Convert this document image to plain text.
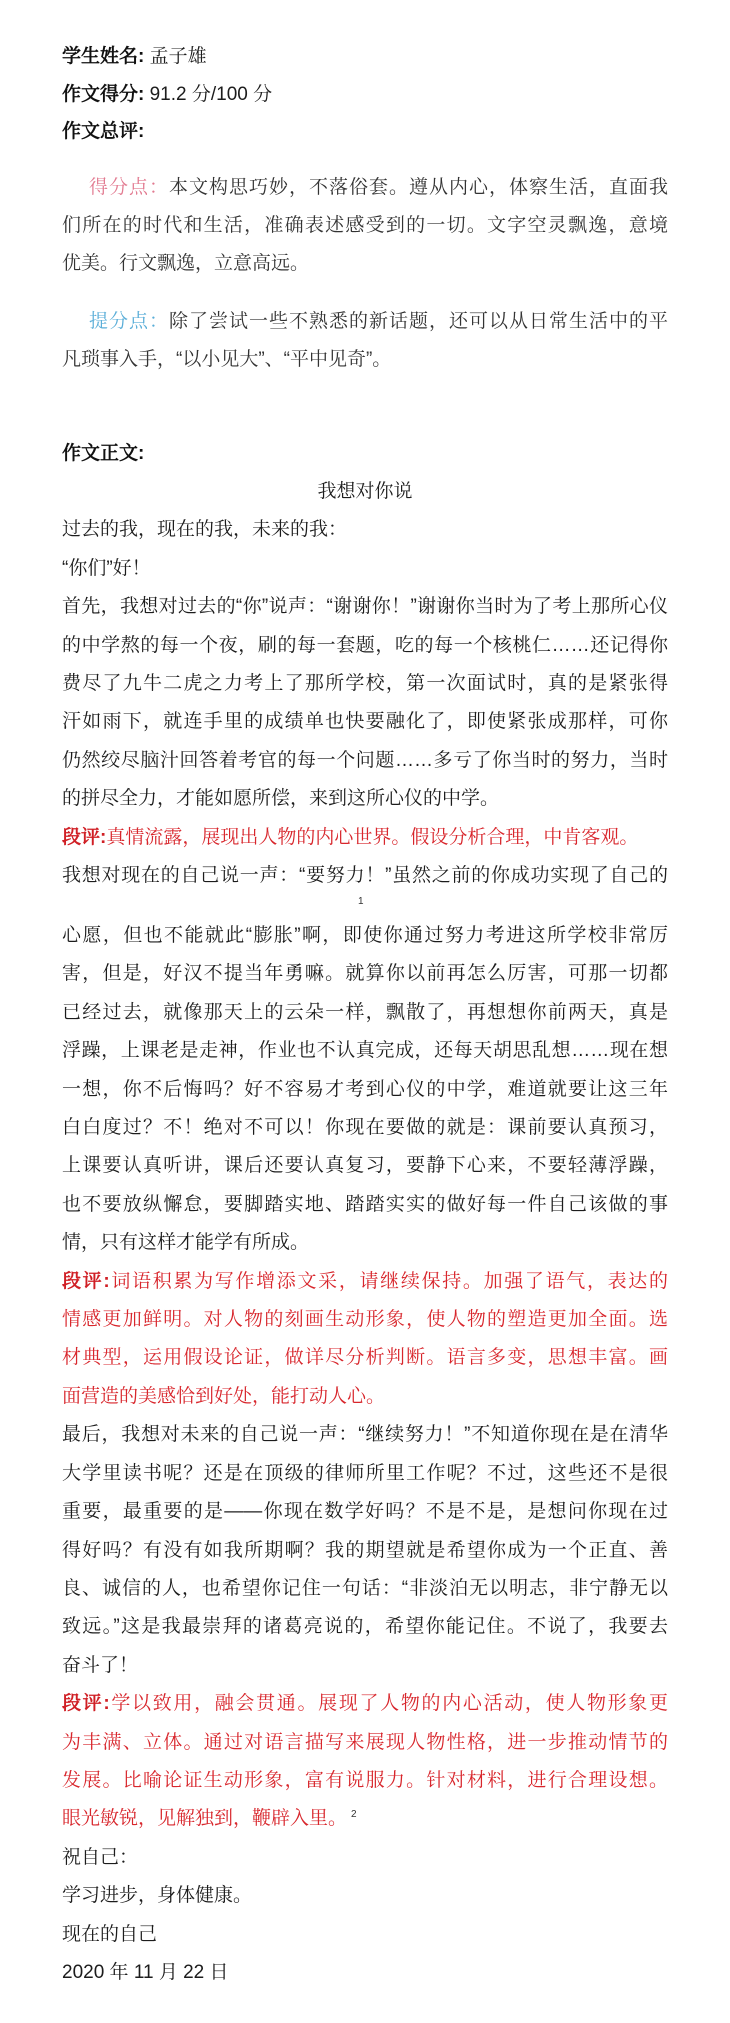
学生姓名: 孟子雄
作文得分: 91.2 分/100 分
作文总评:
得分点：本文构思巧妙，不落俗套。遵从内心，体察生活，直面我
们所在的时代和生活，准确表述感受到的一切。文字空灵飘逸，意境
优美。行文飘逸，立意高远。
提分点：除了尝试一些不熟悉的新话题，还可以从日常生活中的平
凡琐事入手，“以小见大”、“平中见奇”。
作文正文:
我想对你说
过去的我，现在的我，未来的我：
“你们”好！
首先，我想对过去的“你”说声：“谢谢你！”谢谢你当时为了考上那所心仪
的中学熬的每一个夜，刷的每一套题，吃的每一个核桃仁……还记得你
费尽了九牛二虎之力考上了那所学校，第一次面试时，真的是紧张得
汗如雨下，就连手里的成绩单也快要融化了，即使紧张成那样，可你
仍然绞尽脑汁回答着考官的每一个问题……多亏了你当时的努力，当时
的拼尽全力，才能如愿所偿，来到这所心仪的中学。
段评:真情流露，展现出人物的内心世界。假设分析合理，中肯客观。
我想对现在的自己说一声：“要努力！”虽然之前的你成功实现了自己的
1
心愿，但也不能就此“膨胀”啊，即使你通过努力考进这所学校非常厉
害，但是，好汉不提当年勇嘛。就算你以前再怎么厉害，可那一切都
已经过去，就像那天上的云朵一样，飘散了，再想想你前两天，真是
浮躁，上课老是走神，作业也不认真完成，还每天胡思乱想……现在想
一想，你不后悔吗？好不容易才考到心仪的中学，难道就要让这三年
白白度过？不！绝对不可以！你现在要做的就是：课前要认真预习，
上课要认真听讲，课后还要认真复习，要静下心来，不要轻薄浮躁，
也不要放纵懈怠，要脚踏实地、踏踏实实的做好每一件自己该做的事
情，只有这样才能学有所成。
段评:词语积累为写作增添文采，请继续保持。加强了语气，表达的
情感更加鲜明。对人物的刻画生动形象，使人物的塑造更加全面。选
材典型，运用假设论证，做详尽分析判断。语言多变，思想丰富。画
面营造的美感恰到好处，能打动人心。
最后，我想对未来的自己说一声：“继续努力！”不知道你现在是在清华
大学里读书呢？还是在顶级的律师所里工作呢？不过，这些还不是很
重要，最重要的是——你现在数学好吗？不是不是，是想问你现在过
得好吗？有没有如我所期啊？我的期望就是希望你成为一个正直、善
良、诚信的人，也希望你记住一句话：“非淡泊无以明志，非宁静无以
致远。”这是我最崇拜的诸葛亮说的，希望你能记住。不说了，我要去
奋斗了！
段评:学以致用，融会贯通。展现了人物的内心活动，使人物形象更
为丰满、立体。通过对语言描写来展现人物性格，进一步推动情节的
发展。比喻论证生动形象，富有说服力。针对材料，进行合理设想。
眼光敏锐，见解独到，鞭辟入里。 $^2$
祝自己：
学习进步，身体健康。
现在的自己
2020 年 11 月 22 日
